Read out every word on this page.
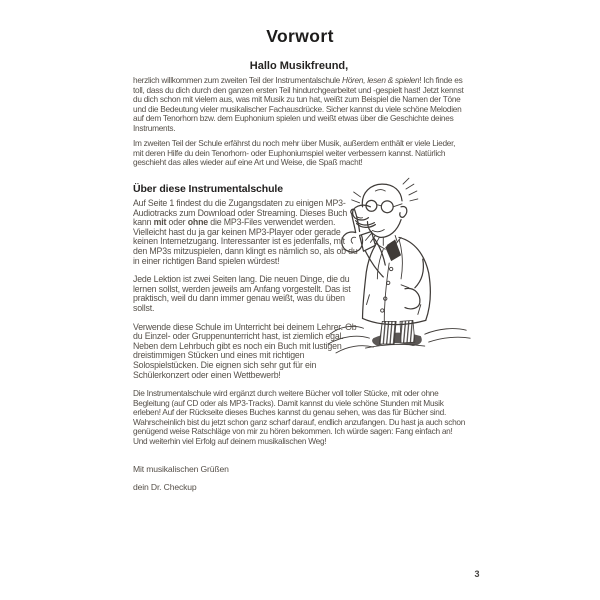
Vorwort
Hallo Musikfreund,
herzlich willkommen zum zweiten Teil der Instrumentalschule Hören, lesen & spielen! Ich finde es toll, dass du dich durch den ganzen ersten Teil hindurchgearbeitet und -gespielt hast! Jetzt kennst du dich schon mit vielem aus, was mit Musik zu tun hat, weißt zum Beispiel die Namen der Töne und die Bedeutung vieler musikalischer Fachausdrücke. Sicher kannst du viele schöne Melodien auf dem Tenorhorn bzw. dem Euphonium spielen und weißt etwas über die Geschichte deines Instruments.
Im zweiten Teil der Schule erfährst du noch mehr über Musik, außerdem enthält er viele Lieder, mit deren Hilfe du dein Tenorhorn- oder Euphoniumspiel weiter verbessern kannst. Natürlich geschieht das alles wieder auf eine Art und Weise, die Spaß macht!
Über diese Instrumentalschule

Auf Seite 1 findest du die Zugangsdaten zu einigen MP3-Audiotracks zum Download oder Streaming. Dieses Buch kann mit oder ohne die MP3-Files verwendet werden. Vielleicht hast du ja gar keinen MP3-Player oder gerade keinen Internetzugang. Interessanter ist es jedenfalls, mit den MP3s mitzuspielen, dann klingt es nämlich so, als ob du in einer richtigen Band spielen würdest!

Jede Lektion ist zwei Seiten lang. Die neuen Dinge, die du lernen sollst, werden jeweils am Anfang vorgestellt. Das ist praktisch, weil du dann immer genau weißt, was du üben sollst.

Verwende diese Schule im Unterricht bei deinem Lehrer. Ob du Einzel- oder Gruppenunterricht hast, ist ziemlich egal. Neben dem Lehrbuch gibt es noch ein Buch mit lustigen dreistimmigen Stücken und eines mit richtigen Solospielstücken. Die eignen sich sehr gut für ein Schülerkonzert oder einen Wettbewerb!

Die Instrumentalschule wird ergänzt durch weitere Bücher voll toller Stücke, mit oder ohne Begleitung (auf CD oder als MP3-Tracks). Damit kannst du viele schöne Stunden mit Musik erleben! Auf der Rückseite dieses Buches kannst du genau sehen, was das für Bücher sind.
Wahrscheinlich bist du jetzt schon ganz scharf darauf, endlich anzufangen. Du hast ja auch schon genügend weise Ratschläge von mir zu hören bekommen. Ich würde sagen: Fang einfach an!
Und weiterhin viel Erfolg auf deinem musikalischen Weg!
Mit musikalischen Grüßen
dein Dr. Checkup
3
